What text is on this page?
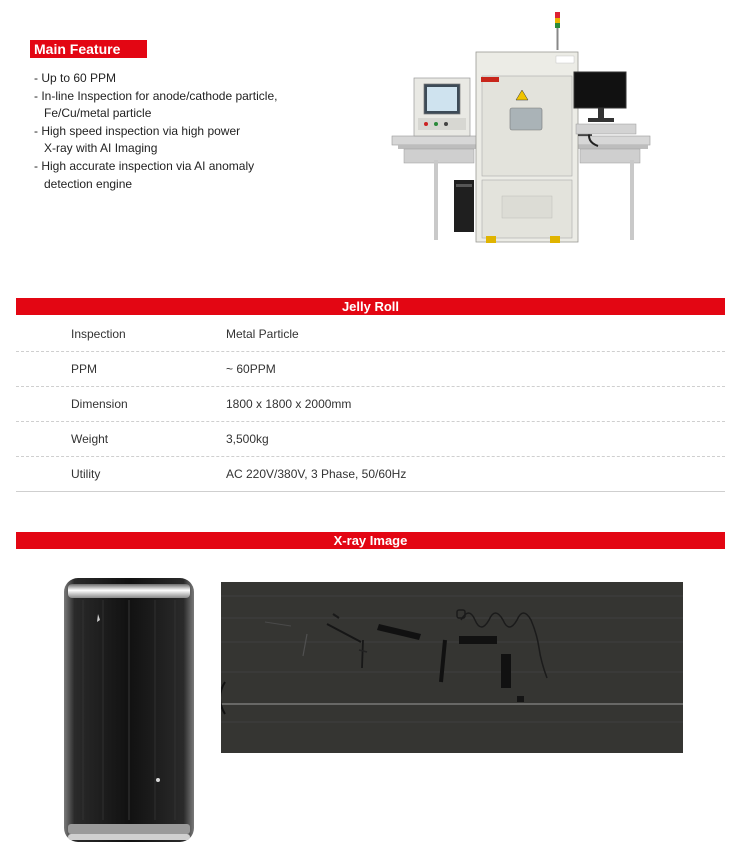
Main Feature
- Up to 60 PPM
- In-line Inspection for anode/cathode particle,
Fe/Cu/metal particle
- High speed inspection via high power
X-ray with AI Imaging
- High accurate inspection via AI anomaly
detection engine
Jelly Roll
Inspection	Metal Particle
PPM	~ 60PPM
Dimension	1800 x 1800 x 2000mm
Weight	3,500kg
Utility	AC 220V/380V, 3 Phase, 50/60Hz
X-ray Image
